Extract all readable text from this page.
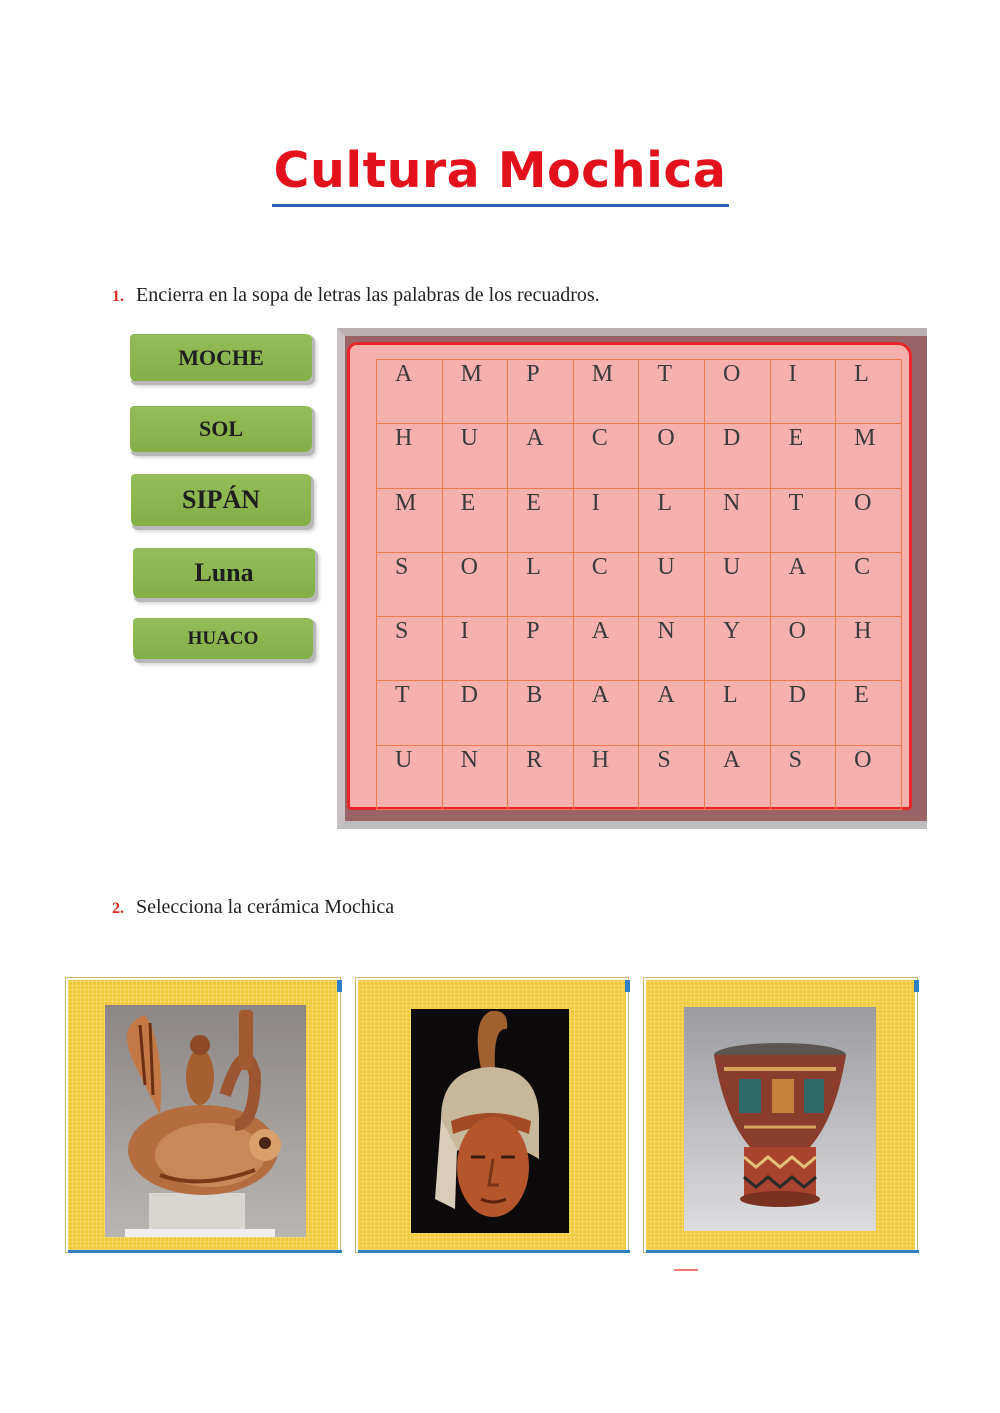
Cultura Mochica
1. Encierra en la sopa de letras las palabras de los recuadros.
MOCHE
SOL
SIPÁN
Luna
HUACO
A	M	P	M	T	O	I	L
H	U	A	C	O	D	E	M
M	E	E	I	L	N	T	O
S	O	L	C	U	U	A	C
S	I	P	A	N	Y	O	H
T	D	B	A	A	L	D	E
U	N	R	H	S	A	S	O
2. Selecciona la cerámica Mochica
